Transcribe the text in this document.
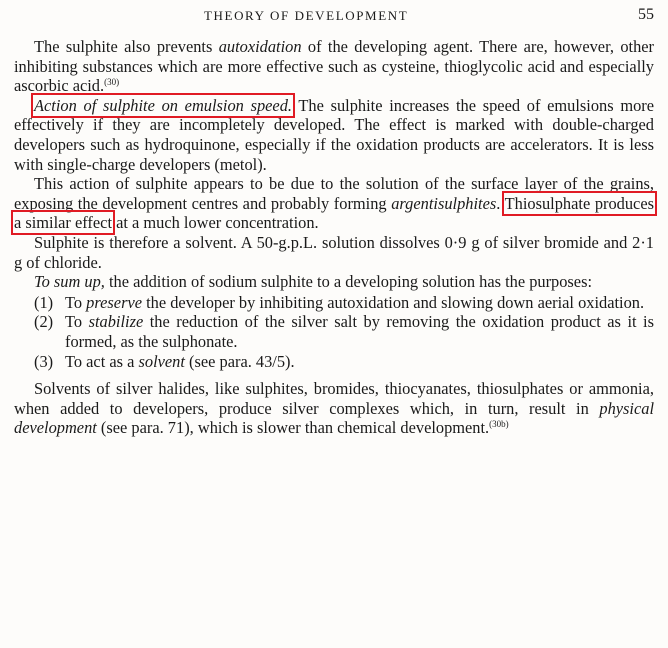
THEORY OF DEVELOPMENT	55

The sulphite also prevents autoxidation of the developing agent. There are, however, other inhibiting substances which are more effective such as cysteine, thioglycolic acid and especially ascorbic acid.$^{(30)}$

Action of sulphite on emulsion speed. The sulphite increases the speed of emulsions more effectively if they are incompletely developed. The effect is marked with double-charged developers such as hydroquinone, especially if the oxidation products are accelerators. It is less with single-charge developers (metol).

This action of sulphite appears to be due to the solution of the surface layer of the grains, exposing the development centres and probably forming argentisulphites. Thiosulphate produces a similar effect at a much lower concentration.

Sulphite is therefore a solvent. A 50-g.p.L. solution dissolves 0·9 g of silver bromide and 2·1 g of chloride.

To sum up, the addition of sodium sulphite to a developing solution has the purposes:

(1) To preserve the developer by inhibiting autoxidation and slowing down aerial oxidation.
(2) To stabilize the reduction of the silver salt by removing the oxidation product as it is formed, as the sulphonate.
(3) To act as a solvent (see para. 43/5).

Solvents of silver halides, like sulphites, bromides, thiocyanates, thiosulphates or ammonia, when added to developers, produce silver complexes which, in turn, result in physical development (see para. 71), which is slower than chemical development.$^{(30b)}$
